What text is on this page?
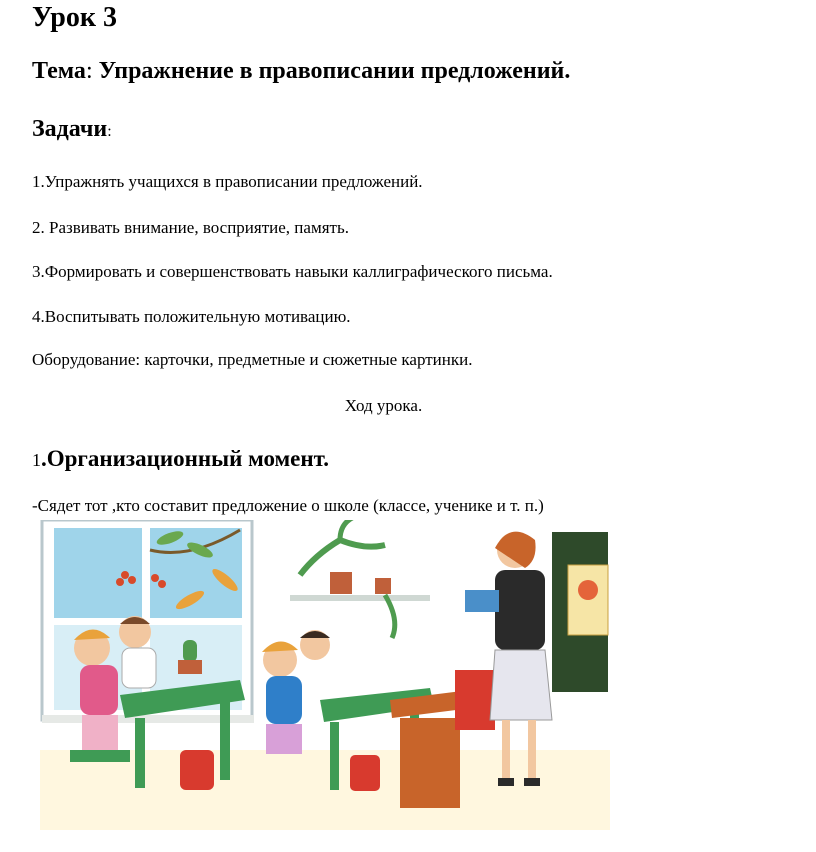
Урок 3
Тема: Упражнение в правописании предложений.
Задачи:
1.Упражнять учащихся в правописании предложений.
2. Развивать внимание, восприятие, память.
3.Формировать и совершенствовать навыки каллиграфического письма.
4.Воспитывать положительную мотивацию.
Оборудование: карточки, предметные и сюжетные картинки.
Ход урока.
1.Организационный момент.
-Сядет тот ,кто составит предложение о школе (классе, ученике и т. п.)
